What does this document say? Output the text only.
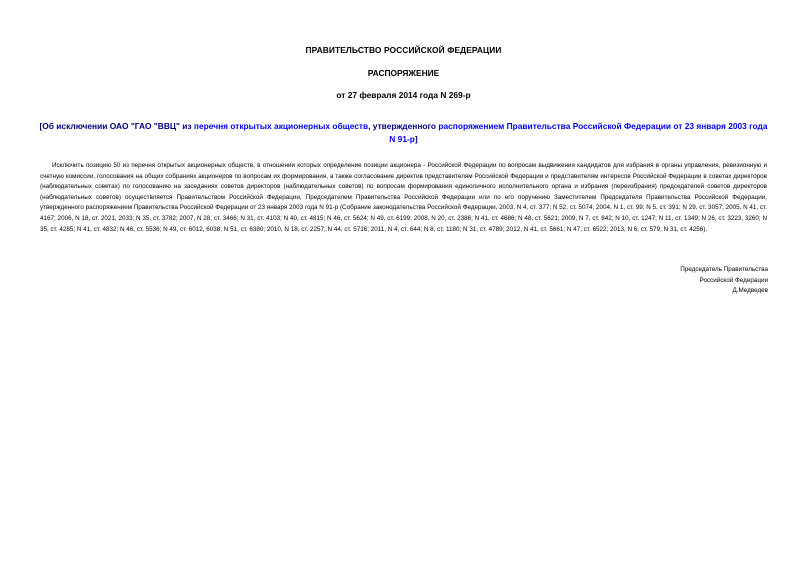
ПРАВИТЕЛЬСТВО РОССИЙСКОЙ ФЕДЕРАЦИИ
РАСПОРЯЖЕНИЕ
от 27 февраля 2014 года N 269-р
[Об исключении ОАО "ГАО "ВВЦ" из перечня открытых акционерных обществ, утвержденного распоряжением Правительства Российской Федерации от 23 января 2003 года N 91-р]
Исключить позицию 50 из перечня открытых акционерных обществ, в отношении которых определение позиции акционера - Российской Федерации по вопросам выдвижения кандидатов для избрания в органы управления, ревизионную и счетную комиссии, голосования на общих собраниях акционеров по вопросам их формирования, а также согласование директив представителям Российской Федерации и представителям интересов Российской Федерации в советах директоров (наблюдательных советах) по голосованию на заседаниях советов директоров (наблюдательных советов) по вопросам формирования единоличного исполнительного органа и избрания (переизбрания) председателей советов директоров (наблюдательных советов) осуществляется Правительством Российской Федерации, Председателем Правительства Российской Федерации или по его поручению Заместителем Председателя Правительства Российской Федерации, утвержденного распоряжением Правительства Российской Федерации от 23 января 2003 года N 91-р (Собрание законодательства Российской Федерации, 2003, N 4, ст. 377; N 52, ст. 5074; 2004, N 1, ст. 99; N 5, ст. 391; N 29, ст. 3057; 2005, N 41, ст. 4167; 2006, N 18, ст. 2021, 2033; N 35, ст. 3782; 2007, N 28, ст. 3466; N 31, ст. 4103; N 40, ст. 4815; N 46, ст. 5624; N 49, ст. 6199; 2008, N 20, ст. 2386; N 41, ст. 4686; N 48, ст. 5621; 2009, N 7, ст. 842; N 10, ст. 1247; N 11, ст. 1349; N 26, ст. 3223, 3260; N 35, ст. 4285; N 41, ст. 4832; N 46, ст. 5536; N 49, ст. 6012, 6038; N 51, ст. 6380; 2010, N 18, ст. 2257; N 44, ст. 5716; 2011, N 4, ст. 644; N 8, ст. 1180; N 31, ст. 4789; 2012, N 41, ст. 5661; N 47, ст. 6522; 2013, N 6, ст. 579; N 31, ст. 4256).
Председатель Правительства
Российской Федерации
Д.Медведев
